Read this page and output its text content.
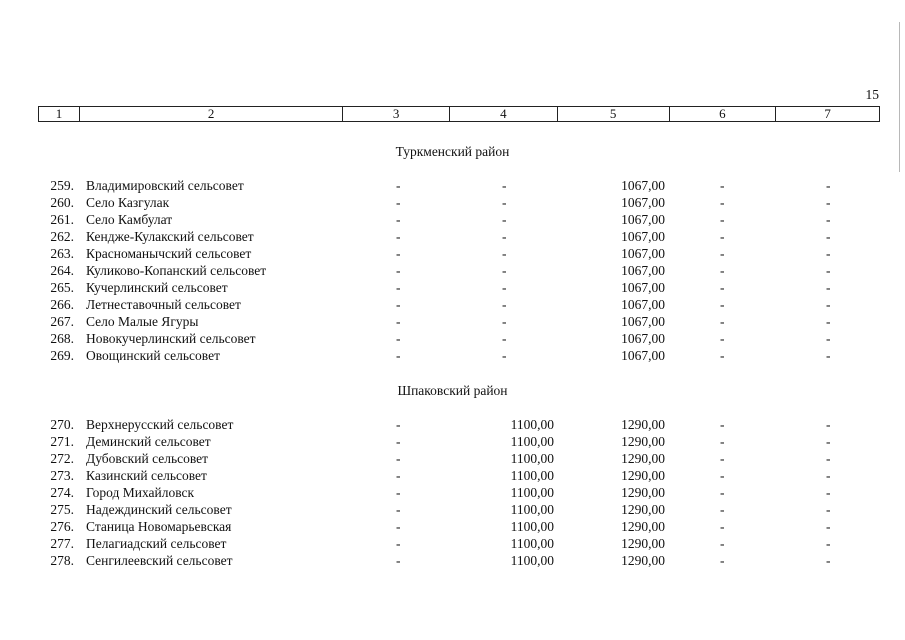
15
1	2	3	4	5	6	7
Туркменский район
259. Владимировский сельсовет	-	-	1067,00	-	-
260. Село Казгулак	-	-	1067,00	-	-
261. Село Камбулат	-	-	1067,00	-	-
262. Кендже-Кулакский сельсовет	-	-	1067,00	-	-
263. Красноманычский сельсовет	-	-	1067,00	-	-
264. Куликово-Копанский сельсовет	-	-	1067,00	-	-
265. Кучерлинский сельсовет	-	-	1067,00	-	-
266. Летнеставочный сельсовет	-	-	1067,00	-	-
267. Село Малые Ягуры	-	-	1067,00	-	-
268. Новокучерлинский сельсовет	-	-	1067,00	-	-
269. Овощинский сельсовет	-	-	1067,00	-	-
Шпаковский район
270. Верхнерусский сельсовет	-	1100,00	1290,00	-	-
271. Деминский сельсовет	-	1100,00	1290,00	-	-
272. Дубовский сельсовет	-	1100,00	1290,00	-	-
273. Казинский сельсовет	-	1100,00	1290,00	-	-
274. Город Михайловск	-	1100,00	1290,00	-	-
275. Надеждинский сельсовет	-	1100,00	1290,00	-	-
276. Станица Новомарьевская	-	1100,00	1290,00	-	-
277. Пелагиадский сельсовет	-	1100,00	1290,00	-	-
278. Сенгилеевский сельсовет	-	1100,00	1290,00	-	-
